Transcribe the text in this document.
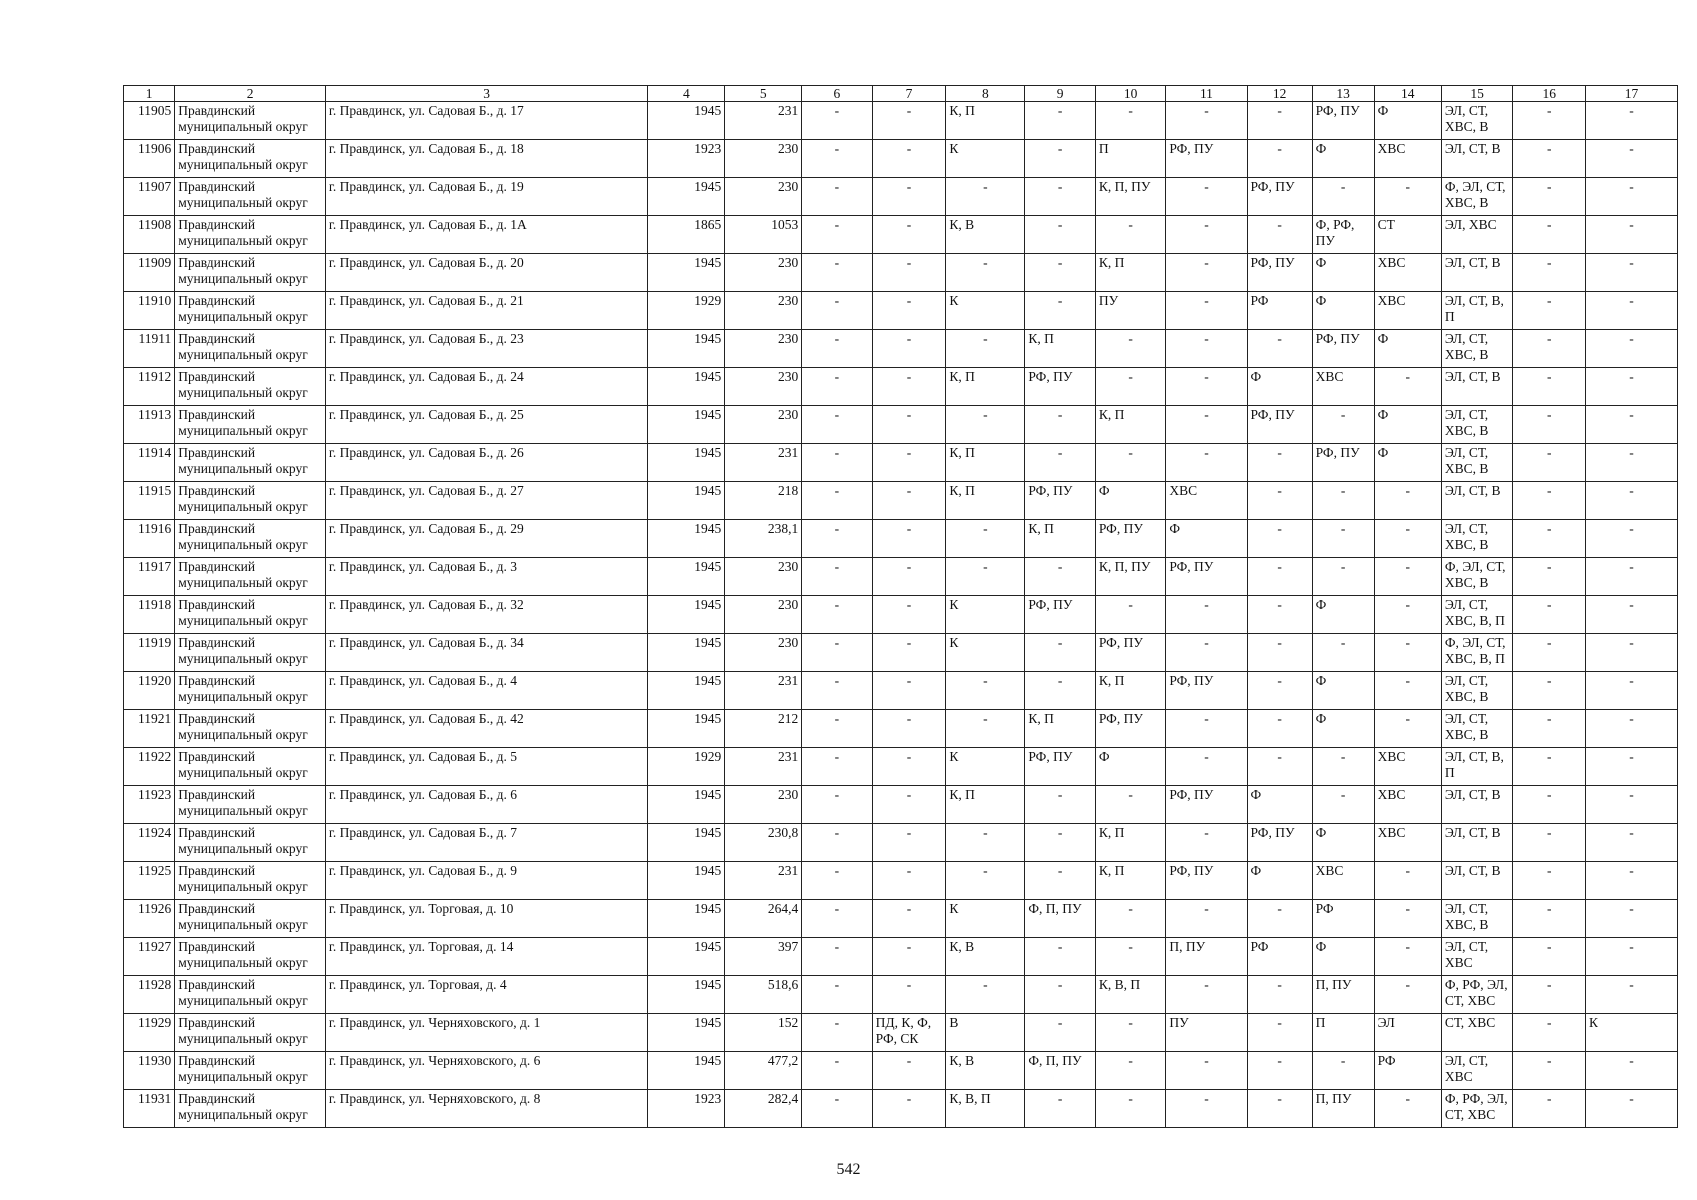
1	2	3	4	5	6	7	8	9	10	11	12	13	14	15	16	17
11905	Правдинский муниципальный округ	г. Правдинск, ул. Садовая Б., д. 17	1945	231	-	-	К, П	-	-	-	-	РФ, ПУ	Ф	ЭЛ, СТ, ХВС, В	-	-
11906	Правдинский муниципальный округ	г. Правдинск, ул. Садовая Б., д. 18	1923	230	-	-	К	-	П	РФ, ПУ	-	Ф	ХВС	ЭЛ, СТ, В	-	-
11907	Правдинский муниципальный округ	г. Правдинск, ул. Садовая Б., д. 19	1945	230	-	-	-	-	К, П, ПУ	-	РФ, ПУ	-	-	Ф, ЭЛ, СТ, ХВС, В	-	-
11908	Правдинский муниципальный округ	г. Правдинск, ул. Садовая Б., д. 1А	1865	1053	-	-	К, В	-	-	-	-	Ф, РФ, ПУ	СТ	ЭЛ, ХВС	-	-
11909	Правдинский муниципальный округ	г. Правдинск, ул. Садовая Б., д. 20	1945	230	-	-	-	-	К, П	-	РФ, ПУ	Ф	ХВС	ЭЛ, СТ, В	-	-
11910	Правдинский муниципальный округ	г. Правдинск, ул. Садовая Б., д. 21	1929	230	-	-	К	-	ПУ	-	РФ	Ф	ХВС	ЭЛ, СТ, В, П	-	-
11911	Правдинский муниципальный округ	г. Правдинск, ул. Садовая Б., д. 23	1945	230	-	-	-	К, П	-	-	-	РФ, ПУ	Ф	ЭЛ, СТ, ХВС, В	-	-
11912	Правдинский муниципальный округ	г. Правдинск, ул. Садовая Б., д. 24	1945	230	-	-	К, П	РФ, ПУ	-	-	Ф	ХВС	-	ЭЛ, СТ, В	-	-
11913	Правдинский муниципальный округ	г. Правдинск, ул. Садовая Б., д. 25	1945	230	-	-	-	-	К, П	-	РФ, ПУ	-	Ф	ЭЛ, СТ, ХВС, В	-	-
11914	Правдинский муниципальный округ	г. Правдинск, ул. Садовая Б., д. 26	1945	231	-	-	К, П	-	-	-	-	РФ, ПУ	Ф	ЭЛ, СТ, ХВС, В	-	-
11915	Правдинский муниципальный округ	г. Правдинск, ул. Садовая Б., д. 27	1945	218	-	-	К, П	РФ, ПУ	Ф	ХВС	-	-	-	ЭЛ, СТ, В	-	-
11916	Правдинский муниципальный округ	г. Правдинск, ул. Садовая Б., д. 29	1945	238,1	-	-	-	К, П	РФ, ПУ	Ф	-	-	-	ЭЛ, СТ, ХВС, В	-	-
11917	Правдинский муниципальный округ	г. Правдинск, ул. Садовая Б., д. 3	1945	230	-	-	-	-	К, П, ПУ	РФ, ПУ	-	-	-	Ф, ЭЛ, СТ, ХВС, В	-	-
11918	Правдинский муниципальный округ	г. Правдинск, ул. Садовая Б., д. 32	1945	230	-	-	К	РФ, ПУ	-	-	-	Ф	-	ЭЛ, СТ, ХВС, В, П	-	-
11919	Правдинский муниципальный округ	г. Правдинск, ул. Садовая Б., д. 34	1945	230	-	-	К	-	РФ, ПУ	-	-	-	-	Ф, ЭЛ, СТ, ХВС, В, П	-	-
11920	Правдинский муниципальный округ	г. Правдинск, ул. Садовая Б., д. 4	1945	231	-	-	-	-	К, П	РФ, ПУ	-	Ф	-	ЭЛ, СТ, ХВС, В	-	-
11921	Правдинский муниципальный округ	г. Правдинск, ул. Садовая Б., д. 42	1945	212	-	-	-	К, П	РФ, ПУ	-	-	Ф	-	ЭЛ, СТ, ХВС, В	-	-
11922	Правдинский муниципальный округ	г. Правдинск, ул. Садовая Б., д. 5	1929	231	-	-	К	РФ, ПУ	Ф	-	-	-	ХВС	ЭЛ, СТ, В, П	-	-
11923	Правдинский муниципальный округ	г. Правдинск, ул. Садовая Б., д. 6	1945	230	-	-	К, П	-	-	РФ, ПУ	Ф	-	ХВС	ЭЛ, СТ, В	-	-
11924	Правдинский муниципальный округ	г. Правдинск, ул. Садовая Б., д. 7	1945	230,8	-	-	-	-	К, П	-	РФ, ПУ	Ф	ХВС	ЭЛ, СТ, В	-	-
11925	Правдинский муниципальный округ	г. Правдинск, ул. Садовая Б., д. 9	1945	231	-	-	-	-	К, П	РФ, ПУ	Ф	ХВС	-	ЭЛ, СТ, В	-	-
11926	Правдинский муниципальный округ	г. Правдинск, ул. Торговая, д. 10	1945	264,4	-	-	К	Ф, П, ПУ	-	-	-	РФ	-	ЭЛ, СТ, ХВС, В	-	-
11927	Правдинский муниципальный округ	г. Правдинск, ул. Торговая, д. 14	1945	397	-	-	К, В	-	-	П, ПУ	РФ	Ф	-	ЭЛ, СТ, ХВС	-	-
11928	Правдинский муниципальный округ	г. Правдинск, ул. Торговая, д. 4	1945	518,6	-	-	-	-	К, В, П	-	-	П, ПУ	-	Ф, РФ, ЭЛ, СТ, ХВС	-	-
11929	Правдинский муниципальный округ	г. Правдинск, ул. Черняховского, д. 1	1945	152	-	ПД, К, Ф, РФ, СК	В	-	-	ПУ	-	П	ЭЛ	СТ, ХВС	-	К
11930	Правдинский муниципальный округ	г. Правдинск, ул. Черняховского, д. 6	1945	477,2	-	-	К, В	Ф, П, ПУ	-	-	-	-	РФ	ЭЛ, СТ, ХВС	-	-
11931	Правдинский муниципальный округ	г. Правдинск, ул. Черняховского, д. 8	1923	282,4	-	-	К, В, П	-	-	-	-	П, ПУ	-	Ф, РФ, ЭЛ, СТ, ХВС	-	-
542
